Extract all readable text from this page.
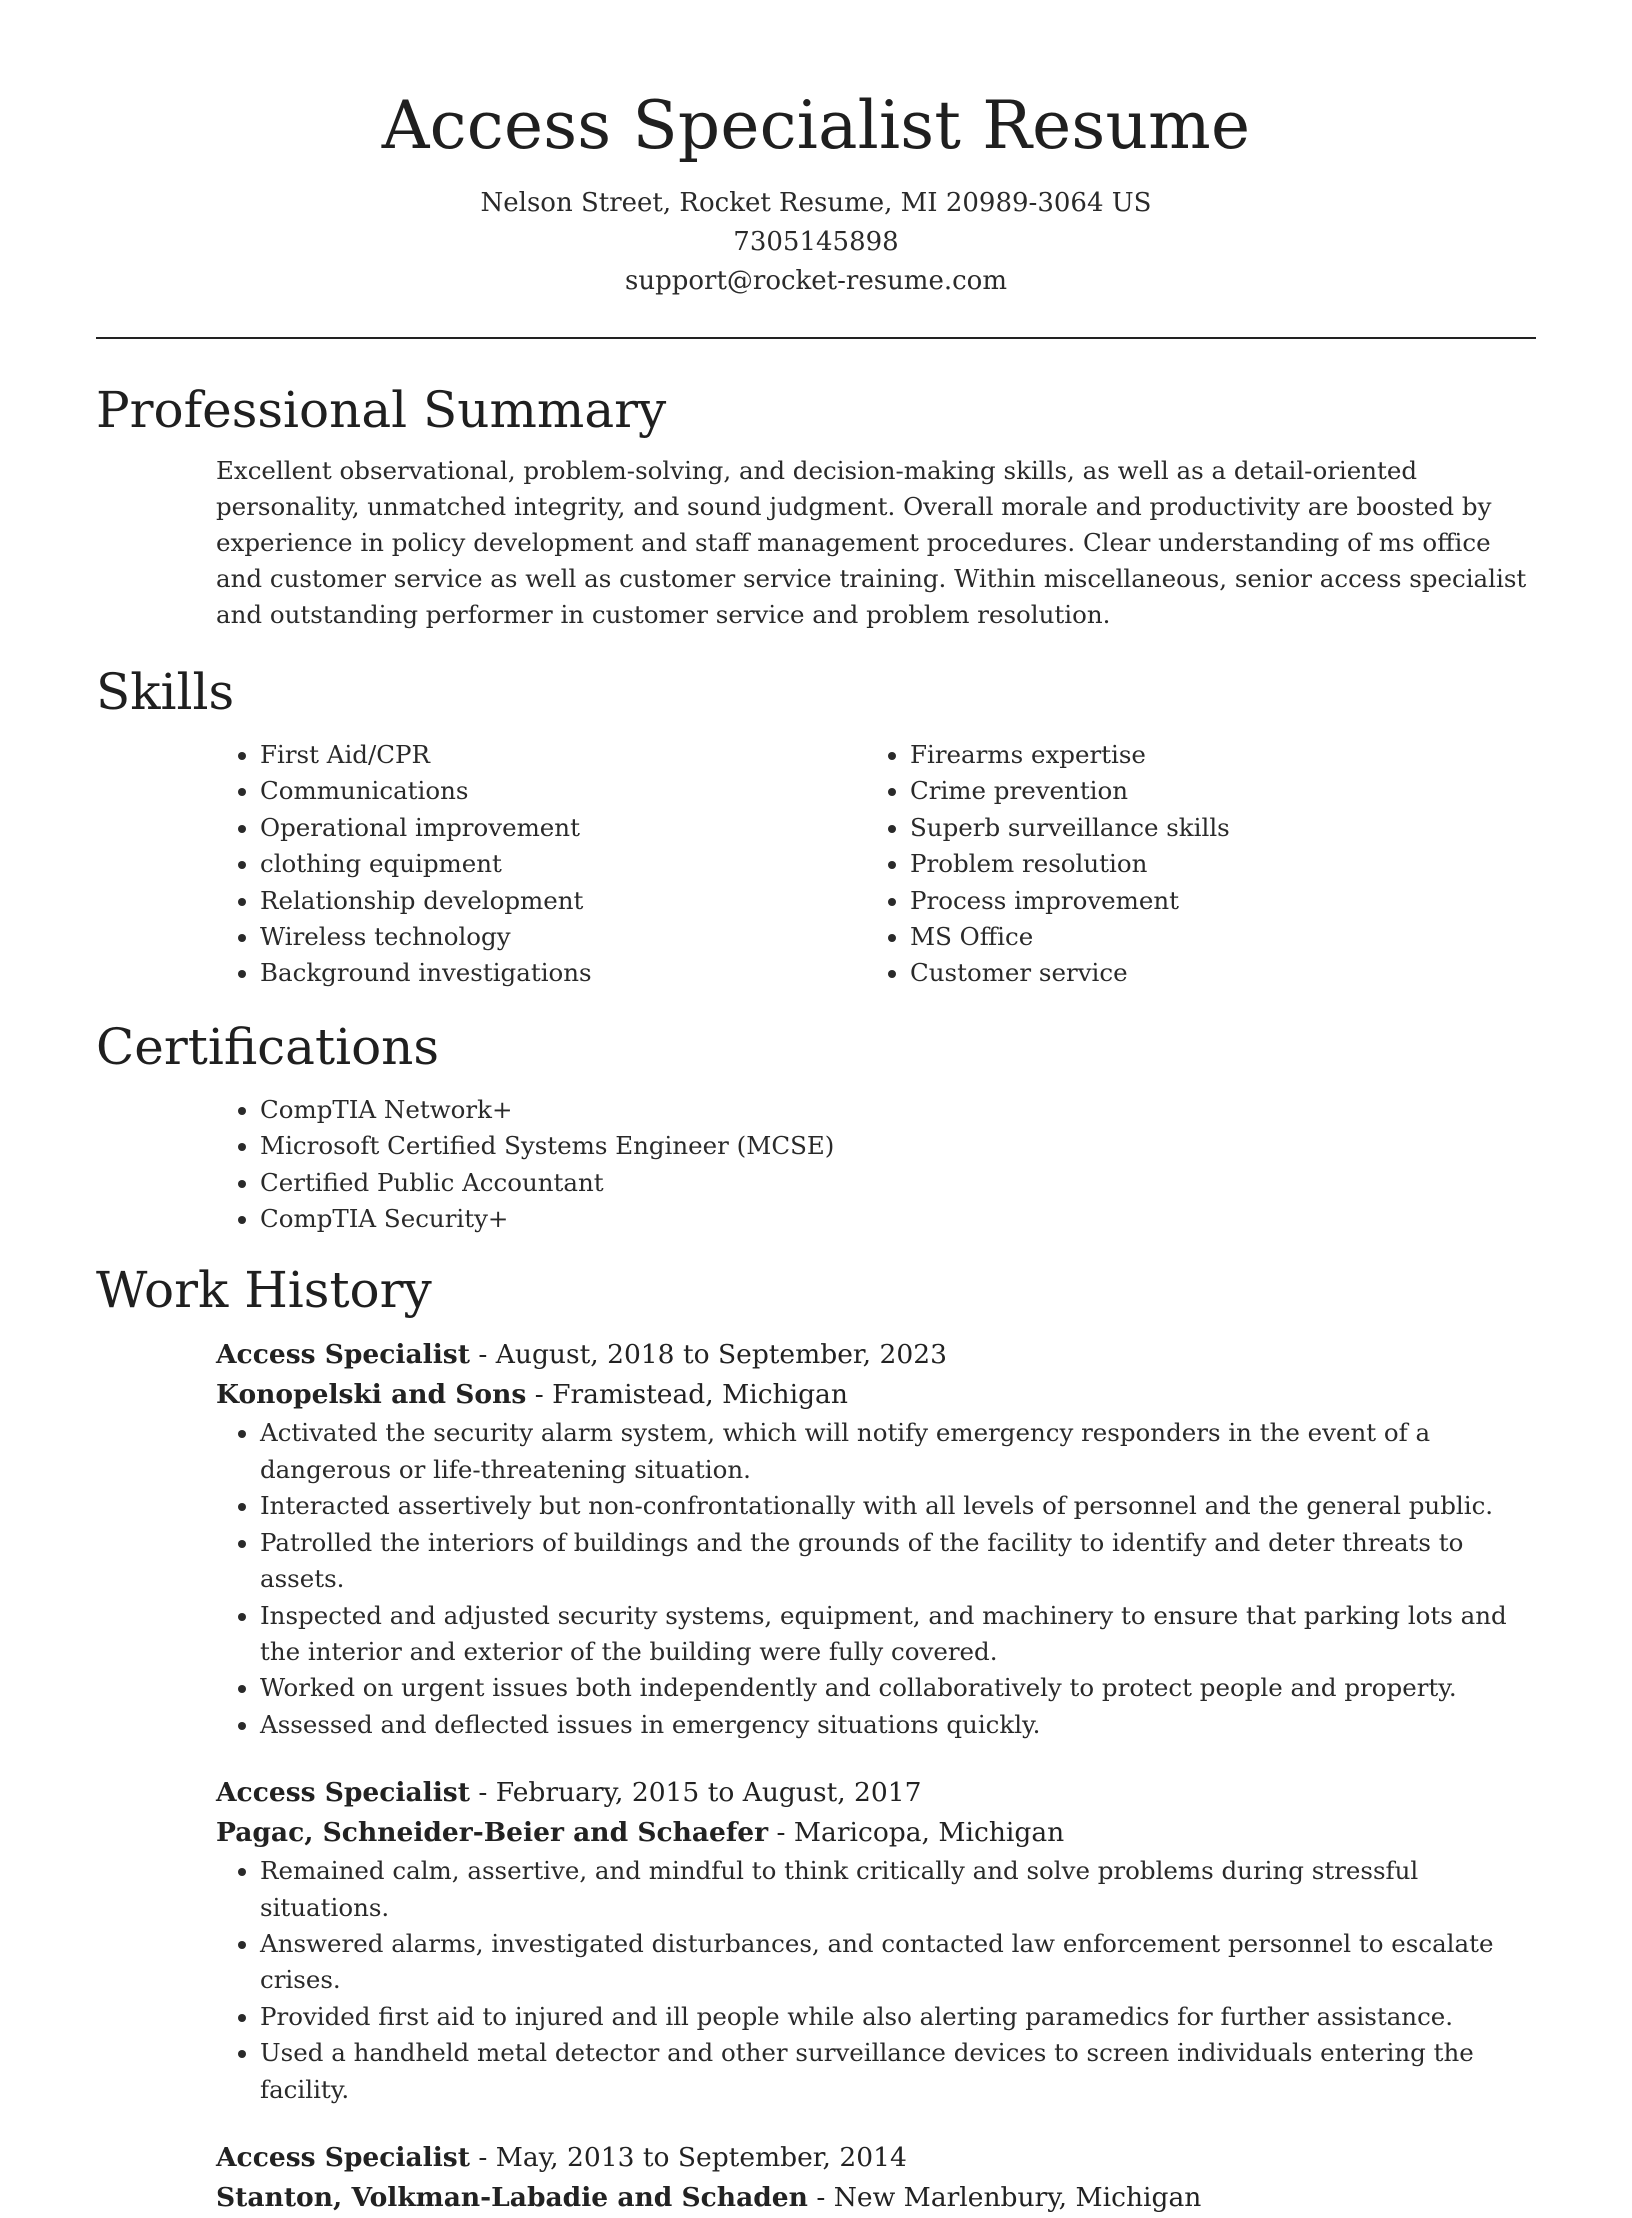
Access Specialist Resume
Nelson Street, Rocket Resume, MI 20989-3064 US
7305145898
support@rocket-resume.com
Professional Summary

Excellent observational, problem-solving, and decision-making skills, as well as a detail-oriented personality, unmatched integrity, and sound judgment. Overall morale and productivity are boosted by experience in policy development and staff management procedures. Clear understanding of ms office and customer service as well as customer service training. Within miscellaneous, senior access specialist and outstanding performer in customer service and problem resolution.

Skills
• First Aid/CPR
• Communications
• Operational improvement
• clothing equipment
• Relationship development
• Wireless technology
• Background investigations
• Firearms expertise
• Crime prevention
• Superb surveillance skills
• Problem resolution
• Process improvement
• MS Office
• Customer service
Certifications
• CompTIA Network+
• Microsoft Certified Systems Engineer (MCSE)
• Certified Public Accountant
• CompTIA Security+
Work History
Access Specialist - August, 2018 to September, 2023
Konopelski and Sons - Framistead, Michigan
• Activated the security alarm system, which will notify emergency responders in the event of a dangerous or life-threatening situation.
• Interacted assertively but non-confrontationally with all levels of personnel and the general public.
• Patrolled the interiors of buildings and the grounds of the facility to identify and deter threats to assets.
• Inspected and adjusted security systems, equipment, and machinery to ensure that parking lots and the interior and exterior of the building were fully covered.
• Worked on urgent issues both independently and collaboratively to protect people and property.
• Assessed and deflected issues in emergency situations quickly.
Access Specialist - February, 2015 to August, 2017
Pagac, Schneider-Beier and Schaefer - Maricopa, Michigan
• Remained calm, assertive, and mindful to think critically and solve problems during stressful situations.
• Answered alarms, investigated disturbances, and contacted law enforcement personnel to escalate crises.
• Provided first aid to injured and ill people while also alerting paramedics for further assistance.
• Used a handheld metal detector and other surveillance devices to screen individuals entering the facility.
Access Specialist - May, 2013 to September, 2014
Stanton, Volkman-Labadie and Schaden - New Marlenbury, Michigan
